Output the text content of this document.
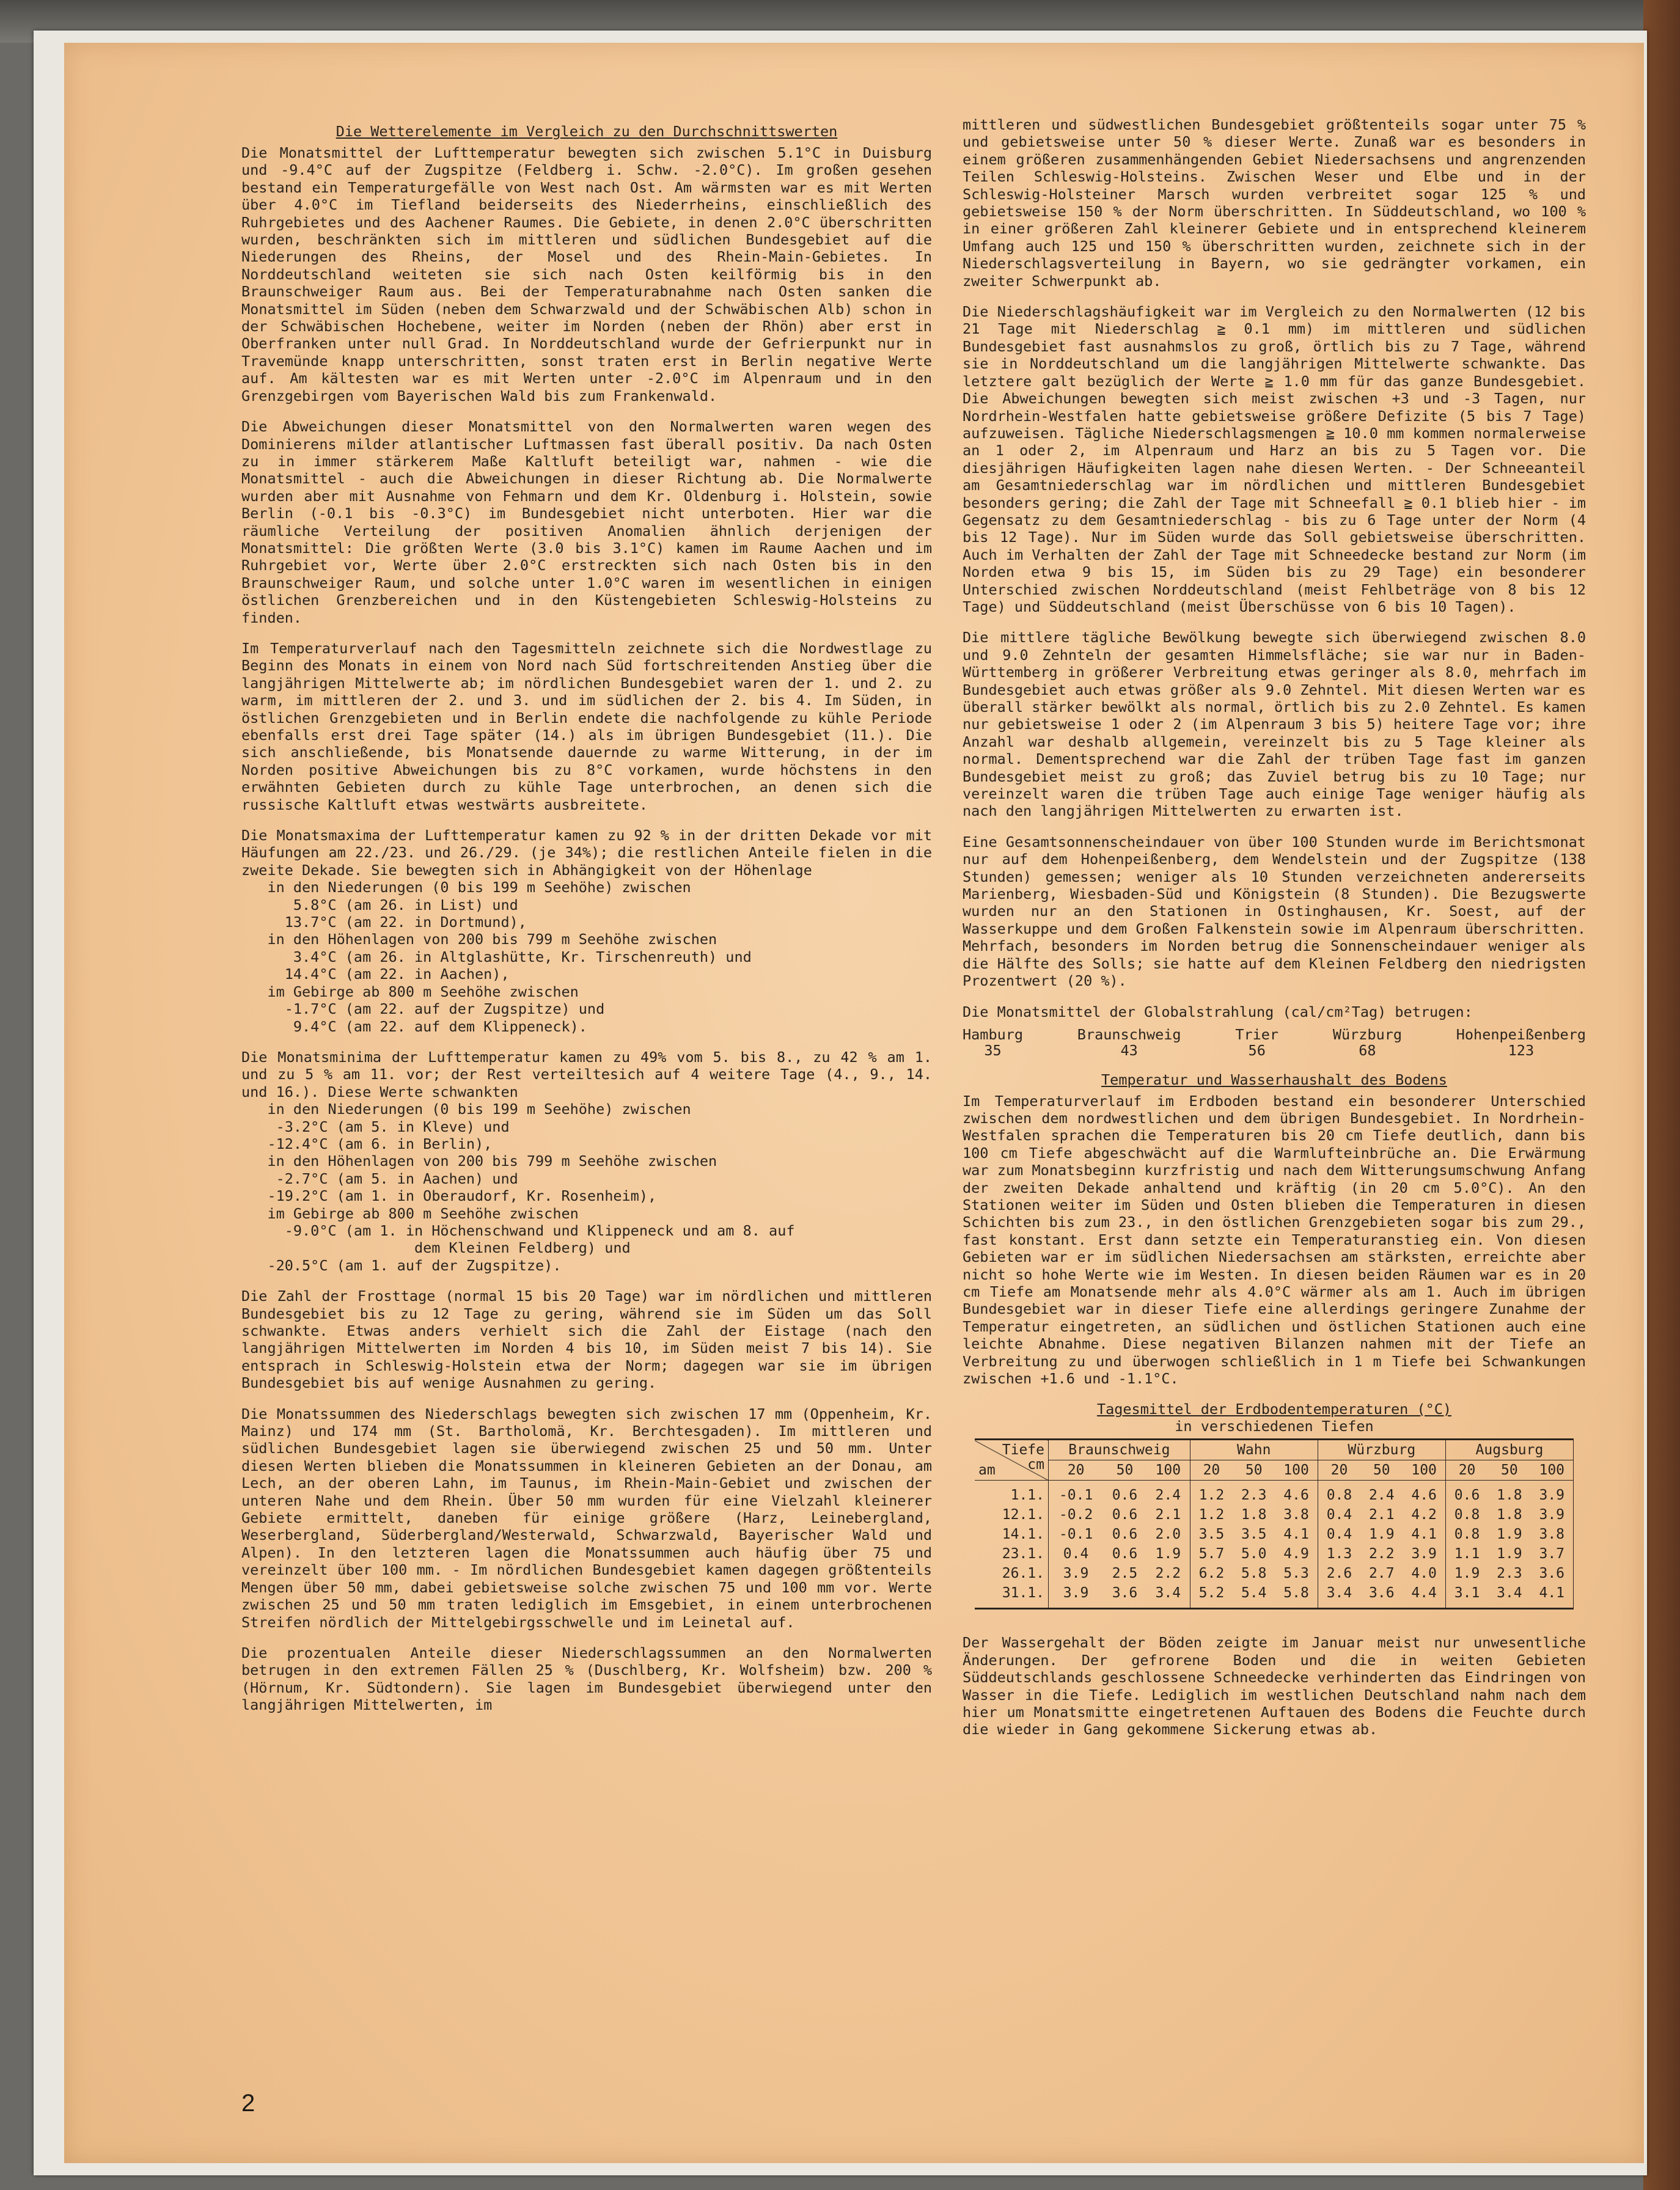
Die Wetterelemente im Vergleich zu den Durchschnittswerten

Die Monatsmittel der Lufttemperatur bewegten sich zwischen 5.1°C in Duisburg und -9.4°C auf der Zugspitze (Feldberg i. Schw. -2.0°C). Im großen gesehen bestand ein Temperaturgefälle von West nach Ost. Am wärmsten war es mit Werten über 4.0°C im Tiefland beiderseits des Niederrheins, einschließlich des Ruhrgebietes und des Aachener Raumes. Die Gebiete, in denen 2.0°C überschritten wurden, beschränkten sich im mittleren und südlichen Bundesgebiet auf die Niederungen des Rheins, der Mosel und des Rhein-Main-Gebietes. In Norddeutschland weiteten sie sich nach Osten keilförmig bis in den Braunschweiger Raum aus. Bei der Temperaturabnahme nach Osten sanken die Monatsmittel im Süden (neben dem Schwarzwald und der Schwäbischen Alb) schon in der Schwäbischen Hochebene, weiter im Norden (neben der Rhön) aber erst in Oberfranken unter null Grad. In Norddeutschland wurde der Gefrierpunkt nur in Travemünde knapp unterschritten, sonst traten erst in Berlin negative Werte auf. Am kältesten war es mit Werten unter -2.0°C im Alpenraum und in den Grenzgebirgen vom Bayerischen Wald bis zum Frankenwald.

Die Abweichungen dieser Monatsmittel von den Normalwerten waren wegen des Dominierens milder atlantischer Luftmassen fast überall positiv. Da nach Osten zu in immer stärkerem Maße Kaltluft beteiligt war, nahmen - wie die Monatsmittel - auch die Abweichungen in dieser Richtung ab. Die Normalwerte wurden aber mit Ausnahme von Fehmarn und dem Kr. Oldenburg i. Holstein, sowie Berlin (-0.1 bis -0.3°C) im Bundesgebiet nicht unterboten. Hier war die räumliche Verteilung der positiven Anomalien ähnlich derjenigen der Monatsmittel: Die größten Werte (3.0 bis 3.1°C) kamen im Raume Aachen und im Ruhrgebiet vor, Werte über 2.0°C erstreckten sich nach Osten bis in den Braunschweiger Raum, und solche unter 1.0°C waren im wesentlichen in einigen östlichen Grenzbereichen und in den Küstengebieten Schleswig-Holsteins zu finden.

Im Temperaturverlauf nach den Tagesmitteln zeichnete sich die Nordwestlage zu Beginn des Monats in einem von Nord nach Süd fortschreitenden Anstieg über die langjährigen Mittelwerte ab; im nördlichen Bundesgebiet waren der 1. und 2. zu warm, im mittleren der 2. und 3. und im südlichen der 2. bis 4. Im Süden, in östlichen Grenzgebieten und in Berlin endete die nachfolgende zu kühle Periode ebenfalls erst drei Tage später (14.) als im übrigen Bundesgebiet (11.). Die sich anschließende, bis Monatsende dauernde zu warme Witterung, in der im Norden positive Abweichungen bis zu 8°C vorkamen, wurde höchstens in den erwähnten Gebieten durch zu kühle Tage unterbrochen, an denen sich die russische Kaltluft etwas westwärts ausbreitete.

Die Monatsmaxima der Lufttemperatur kamen zu 92 % in der dritten Dekade vor mit Häufungen am 22./23. und 26./29. (je 34%); die restlichen Anteile fielen in die zweite Dekade. Sie bewegten sich in Abhängigkeit von der Höhenlage

in den Niederungen (0 bis 199 m Seehöhe) zwischen
5.8°C (am 26. in List) und
13.7°C (am 22. in Dortmund),
in den Höhenlagen von 200 bis 799 m Seehöhe zwischen
3.4°C (am 26. in Altglashütte, Kr. Tirschenreuth) und
14.4°C (am 22. in Aachen),
im Gebirge ab 800 m Seehöhe zwischen
-1.7°C (am 22. auf der Zugspitze) und
9.4°C (am 22. auf dem Klippeneck).

Die Monatsminima der Lufttemperatur kamen zu 49% vom 5. bis 8., zu 42 % am 1. und zu 5 % am 11. vor; der Rest verteiltesich auf 4 weitere Tage (4., 9., 14. und 16.). Diese Werte schwankten

in den Niederungen (0 bis 199 m Seehöhe) zwischen
-3.2°C (am 5. in Kleve) und
-12.4°C (am 6. in Berlin),
in den Höhenlagen von 200 bis 799 m Seehöhe zwischen
-2.7°C (am 5. in Aachen) und
-19.2°C (am 1. in Oberaudorf, Kr. Rosenheim),
im Gebirge ab 800 m Seehöhe zwischen
-9.0°C (am 1. in Höchenschwand und Klippeneck und am 8. auf
dem Kleinen Feldberg) und
-20.5°C (am 1. auf der Zugspitze).

Die Zahl der Frosttage (normal 15 bis 20 Tage) war im nördlichen und mittleren Bundesgebiet bis zu 12 Tage zu gering, während sie im Süden um das Soll schwankte. Etwas anders verhielt sich die Zahl der Eistage (nach den langjährigen Mittelwerten im Norden 4 bis 10, im Süden meist 7 bis 14). Sie entsprach in Schleswig-Holstein etwa der Norm; dagegen war sie im übrigen Bundesgebiet bis auf wenige Ausnahmen zu gering.

Die Monatssummen des Niederschlags bewegten sich zwischen 17 mm (Oppenheim, Kr. Mainz) und 174 mm (St. Bartholomä, Kr. Berchtesgaden). Im mittleren und südlichen Bundesgebiet lagen sie überwiegend zwischen 25 und 50 mm. Unter diesen Werten blieben die Monatssummen in kleineren Gebieten an der Donau, am Lech, an der oberen Lahn, im Taunus, im Rhein-Main-Gebiet und zwischen der unteren Nahe und dem Rhein. Über 50 mm wurden für eine Vielzahl kleinerer Gebiete ermittelt, daneben für einige größere (Harz, Leinebergland, Weserbergland, Süderbergland/Westerwald, Schwarzwald, Bayerischer Wald und Alpen). In den letzteren lagen die Monatssummen auch häufig über 75 und vereinzelt über 100 mm. - Im nördlichen Bundesgebiet kamen dagegen größtenteils Mengen über 50 mm, dabei gebietsweise solche zwischen 75 und 100 mm vor. Werte zwischen 25 und 50 mm traten lediglich im Emsgebiet, in einem unterbrochenen Streifen nördlich der Mittelgebirgsschwelle und im Leinetal auf.

Die prozentualen Anteile dieser Niederschlagssummen an den Normalwerten betrugen in den extremen Fällen 25 % (Duschlberg, Kr. Wolfsheim) bzw. 200 % (Hörnum, Kr. Südtondern). Sie lagen im Bundesgebiet überwiegend unter den langjährigen Mittelwerten, im

mittleren und südwestlichen Bundesgebiet größtenteils sogar unter 75 % und gebietsweise unter 50 % dieser Werte. Zunaß war es besonders in einem größeren zusammenhängenden Gebiet Niedersachsens und angrenzenden Teilen Schleswig-Holsteins. Zwischen Weser und Elbe und in der Schleswig-Holsteiner Marsch wurden verbreitet sogar 125 % und gebietsweise 150 % der Norm überschritten. In Süddeutschland, wo 100 % in einer größeren Zahl kleinerer Gebiete und in entsprechend kleinerem Umfang auch 125 und 150 % überschritten wurden, zeichnete sich in der Niederschlagsverteilung in Bayern, wo sie gedrängter vorkamen, ein zweiter Schwerpunkt ab.

Die Niederschlagshäufigkeit war im Vergleich zu den Normalwerten (12 bis 21 Tage mit Niederschlag ≧ 0.1 mm) im mittleren und südlichen Bundesgebiet fast ausnahmslos zu groß, örtlich bis zu 7 Tage, während sie in Norddeutschland um die langjährigen Mittelwerte schwankte. Das letztere galt bezüglich der Werte ≧ 1.0 mm für das ganze Bundesgebiet. Die Abweichungen bewegten sich meist zwischen +3 und -3 Tagen, nur Nordrhein-Westfalen hatte gebietsweise größere Defizite (5 bis 7 Tage) aufzuweisen. Tägliche Niederschlagsmengen ≧ 10.0 mm kommen normalerweise an 1 oder 2, im Alpenraum und Harz an bis zu 5 Tagen vor. Die diesjährigen Häufigkeiten lagen nahe diesen Werten. - Der Schneeanteil am Gesamtniederschlag war im nördlichen und mittleren Bundesgebiet besonders gering; die Zahl der Tage mit Schneefall ≧ 0.1 blieb hier - im Gegensatz zu dem Gesamtniederschlag - bis zu 6 Tage unter der Norm (4 bis 12 Tage). Nur im Süden wurde das Soll gebietsweise überschritten. Auch im Verhalten der Zahl der Tage mit Schneedecke bestand zur Norm (im Norden etwa 9 bis 15, im Süden bis zu 29 Tage) ein besonderer Unterschied zwischen Norddeutschland (meist Fehlbeträge von 8 bis 12 Tage) und Süddeutschland (meist Überschüsse von 6 bis 10 Tagen).

Die mittlere tägliche Bewölkung bewegte sich überwiegend zwischen 8.0 und 9.0 Zehnteln der gesamten Himmelsfläche; sie war nur in Baden-Württemberg in größerer Verbreitung etwas geringer als 8.0, mehrfach im Bundesgebiet auch etwas größer als 9.0 Zehntel. Mit diesen Werten war es überall stärker bewölkt als normal, örtlich bis zu 2.0 Zehntel. Es kamen nur gebietsweise 1 oder 2 (im Alpenraum 3 bis 5) heitere Tage vor; ihre Anzahl war deshalb allgemein, vereinzelt bis zu 5 Tage kleiner als normal. Dementsprechend war die Zahl der trüben Tage fast im ganzen Bundesgebiet meist zu groß; das Zuviel betrug bis zu 10 Tage; nur vereinzelt waren die trüben Tage auch einige Tage weniger häufig als nach den langjährigen Mittelwerten zu erwarten ist.

Eine Gesamtsonnenscheindauer von über 100 Stunden wurde im Berichtsmonat nur auf dem Hohenpeißenberg, dem Wendelstein und der Zugspitze (138 Stunden) gemessen; weniger als 10 Stunden verzeichneten andererseits Marienberg, Wiesbaden-Süd und Königstein (8 Stunden). Die Bezugswerte wurden nur an den Stationen in Ostinghausen, Kr. Soest, auf der Wasserkuppe und dem Großen Falkenstein sowie im Alpenraum überschritten. Mehrfach, besonders im Norden betrug die Sonnenscheindauer weniger als die Hälfte des Solls; sie hatte auf dem Kleinen Feldberg den niedrigsten Prozentwert (20 %).

Die Monatsmittel der Globalstrahlung (cal/cm²Tag) betrugen:

Hamburg	Braunschweig	Trier	Würzburg	Hohenpeißenberg
35	43	56	68	123

Temperatur und Wasserhaushalt des Bodens

Im Temperaturverlauf im Erdboden bestand ein besonderer Unterschied zwischen dem nordwestlichen und dem übrigen Bundesgebiet. In Nordrhein-Westfalen sprachen die Temperaturen bis 20 cm Tiefe deutlich, dann bis 100 cm Tiefe abgeschwächt auf die Warmlufteinbrüche an. Die Erwärmung war zum Monatsbeginn kurzfristig und nach dem Witterungsumschwung Anfang der zweiten Dekade anhaltend und kräftig (in 20 cm 5.0°C). An den Stationen weiter im Süden und Osten blieben die Temperaturen in diesen Schichten bis zum 23., in den östlichen Grenzgebieten sogar bis zum 29., fast konstant. Erst dann setzte ein Temperaturanstieg ein. Von diesen Gebieten war er im südlichen Niedersachsen am stärksten, erreichte aber nicht so hohe Werte wie im Westen. In diesen beiden Räumen war es in 20 cm Tiefe am Monatsende mehr als 4.0°C wärmer als am 1. Auch im übrigen Bundesgebiet war in dieser Tiefe eine allerdings geringere Zunahme der Temperatur eingetreten, an südlichen und östlichen Stationen auch eine leichte Abnahme. Diese negativen Bilanzen nahmen mit der Tiefe an Verbreitung zu und überwogen schließlich in 1 m Tiefe bei Schwankungen zwischen +1.6 und -1.1°C.

Tagesmittel der Erdbodentemperaturen (°C)
in verschiedenen Tiefen
Tiefe
cm
am	Braunschweig			Wahn			Würzburg			Augsburg		
	20	50	100	20	50	100	20	50	100	20	50	100
1.1.	-0.1	0.6	2.4	1.2	2.3	4.6	0.8	2.4	4.6	0.6	1.8	3.9
12.1.	-0.2	0.6	2.1	1.2	1.8	3.8	0.4	2.1	4.2	0.8	1.8	3.9
14.1.	-0.1	0.6	2.0	3.5	3.5	4.1	0.4	1.9	4.1	0.8	1.9	3.8
23.1.	0.4	0.6	1.9	5.7	5.0	4.9	1.3	2.2	3.9	1.1	1.9	3.7
26.1.	3.9	2.5	2.2	6.2	5.8	5.3	2.6	2.7	4.0	1.9	2.3	3.6
31.1.	3.9	3.6	3.4	5.2	5.4	5.8	3.4	3.6	4.4	3.1	3.4	4.1

Der Wassergehalt der Böden zeigte im Januar meist nur unwesentliche Änderungen. Der gefrorene Boden und die in weiten Gebieten Süddeutschlands geschlossene Schneedecke verhinderten das Eindringen von Wasser in die Tiefe. Lediglich im westlichen Deutschland nahm nach dem hier um Monatsmitte eingetretenen Auftauen des Bodens die Feuchte durch die wieder in Gang gekommene Sickerung etwas ab.

2
